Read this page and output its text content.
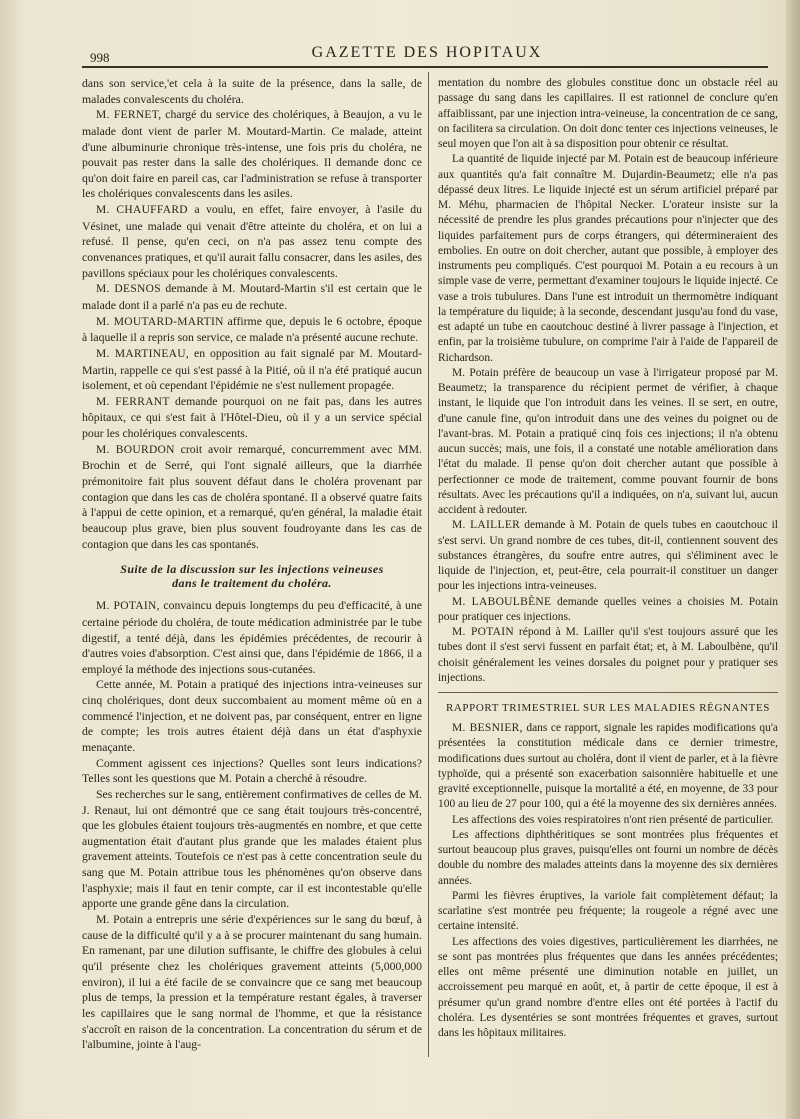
998	GAZETTE DES HOPITAUX

dans son service,'et cela à la suite de la présence, dans la salle, de malades convalescents du choléra.

M. FERNET, chargé du service des cholériques, à Beaujon, a vu le malade dont vient de parler M. Moutard-Martin. Ce malade, atteint d'une albuminurie chronique très-intense, une fois pris du choléra, ne pouvait pas rester dans la salle des cholériques. Il demande donc ce qu'on doit faire en pareil cas, car l'administration se refuse à transporter les cholériques convalescents dans les asiles.

M. CHAUFFARD a voulu, en effet, faire envoyer, à l'asile du Vésinet, une malade qui venait d'être atteinte du choléra, et on lui a refusé. Il pense, qu'en ceci, on n'a pas assez tenu compte des convenances pratiques, et qu'il aurait fallu consacrer, dans les asiles, des pavillons spéciaux pour les cholériques convalescents.

M. DESNOS demande à M. Moutard-Martin s'il est certain que le malade dont il a parlé n'a pas eu de rechute.

M. MOUTARD-MARTIN affirme que, depuis le 6 octobre, époque à laquelle il a repris son service, ce malade n'a présenté aucune rechute.

M. MARTINEAU, en opposition au fait signalé par M. Moutard-Martin, rappelle ce qui s'est passé à la Pitié, où il n'a été pratiqué aucun isolement, et où cependant l'épidémie ne s'est nullement propagée.

M. FERRANT demande pourquoi on ne fait pas, dans les autres hôpitaux, ce qui s'est fait à l'Hôtel-Dieu, où il y a un service spécial pour les cholériques convalescents.

M. BOURDON croit avoir remarqué, concurremment avec MM. Brochin et de Serré, qui l'ont signalé ailleurs, que la diarrhée prémonitoire fait plus souvent défaut dans le choléra provenant par contagion que dans les cas de choléra spontané. Il a observé quatre faits à l'appui de cette opinion, et a remarqué, qu'en général, la maladie était beaucoup plus grave, bien plus souvent foudroyante dans les cas de contagion que dans les cas spontanés.

Suite de la discussion sur les injections veineuses
dans le traitement du choléra.

M. POTAIN, convaincu depuis longtemps du peu d'efficacité, à une certaine période du choléra, de toute médication administrée par le tube digestif, a tenté déjà, dans les épidémies précédentes, de recourir à d'autres voies d'absorption. C'est ainsi que, dans l'épidémie de 1866, il a employé la méthode des injections sous-cutanées.

Cette année, M. Potain a pratiqué des injections intra-veineuses sur cinq cholériques, dont deux succombaient au moment même où en a commencé l'injection, et ne doivent pas, par conséquent, entrer en ligne de compte; les trois autres étaient déjà dans un état d'asphyxie menaçante.

Comment agissent ces injections? Quelles sont leurs indications? Telles sont les questions que M. Potain a cherché à résoudre.

Ses recherches sur le sang, entièrement confirmatives de celles de M. J. Renaut, lui ont démontré que ce sang était toujours très-concentré, que les globules étaient toujours très-augmentés en nombre, et que cette augmentation était d'autant plus grande que les malades étaient plus gravement atteints. Toutefois ce n'est pas à cette concentration seule du sang que M. Potain attribue tous les phénomènes qu'on observe dans l'asphyxie; mais il faut en tenir compte, car il est incontestable qu'elle apporte une grande gêne dans la circulation.

M. Potain a entrepris une série d'expériences sur le sang du bœuf, à cause de la difficulté qu'il y a à se procurer maintenant du sang humain. En ramenant, par une dilution suffisante, le chiffre des globules à celui qu'il présente chez les cholériques gravement atteints (5,000,000 environ), il lui a été facile de se convaincre que ce sang met beaucoup plus de temps, la pression et la température restant égales, à traverser les capillaires que le sang normal de l'homme, et que la résistance s'accroît en raison de la concentration. La concentration du sérum et de l'albumine, jointe à l'aug-

mentation du nombre des globules constitue donc un obstacle réel au passage du sang dans les capillaires. Il est rationnel de conclure qu'en affaiblissant, par une injection intra-veineuse, la concentration de ce sang, on facilitera sa circulation. On doit donc tenter ces injections veineuses, le seul moyen que l'on ait à sa disposition pour obtenir ce résultat.

La quantité de liquide injecté par M. Potain est de beaucoup inférieure aux quantités qu'a fait connaître M. Dujardin-Beaumetz; elle n'a pas dépassé deux litres. Le liquide injecté est un sérum artificiel préparé par M. Méhu, pharmacien de l'hôpital Necker. L'orateur insiste sur la nécessité de prendre les plus grandes précautions pour n'injecter que des liquides parfaitement purs de corps étrangers, qui détermineraient des embolies. En outre on doit chercher, autant que possible, à employer des instruments peu compliqués. C'est pourquoi M. Potain a eu recours à un simple vase de verre, permettant d'examiner toujours le liquide injecté. Ce vase a trois tubulures. Dans l'une est introduit un thermomètre indiquant la température du liquide; à la seconde, descendant jusqu'au fond du vase, est adapté un tube en caoutchouc destiné à livrer passage à l'injection, et enfin, par la troisième tubulure, on comprime l'air à l'aide de l'appareil de Richardson.

M. Potain préfère de beaucoup un vase à l'irrigateur proposé par M. Beaumetz; la transparence du récipient permet de vérifier, à chaque instant, le liquide que l'on introduit dans les veines. Il se sert, en outre, d'une canule fine, qu'on introduit dans une des veines du poignet ou de l'avant-bras. M. Potain a pratiqué cinq fois ces injections; il n'a obtenu aucun succès; mais, une fois, il a constaté une notable amélioration dans l'état du malade. Il pense qu'on doit chercher autant que possible à perfectionner ce mode de traitement, comme pouvant fournir de bons résultats. Avec les précautions qu'il a indiquées, on n'a, suivant lui, aucun accident à redouter.

M. LAILLER demande à M. Potain de quels tubes en caoutchouc il s'est servi. Un grand nombre de ces tubes, dit-il, contiennent souvent des substances étrangères, du soufre entre autres, qui s'éliminent avec le liquide de l'injection, et, peut-être, cela pourrait-il constituer un danger pour les injections intra-veineuses.

M. LABOULBÈNE demande quelles veines a choisies M. Potain pour pratiquer ces injections.

M. POTAIN répond à M. Lailler qu'il s'est toujours assuré que les tubes dont il s'est servi fussent en parfait état; et, à M. Laboulbène, qu'il choisit généralement les veines dorsales du poignet pour y pratiquer ses injections.

RAPPORT TRIMESTRIEL SUR LES MALADIES RÉGNANTES

M. BESNIER, dans ce rapport, signale les rapides modifications qu'a présentées la constitution médicale dans ce dernier trimestre, modifications dues surtout au choléra, dont il vient de parler, et à la fièvre typhoïde, qui a présenté son exacerbation saisonnière habituelle et une gravité exceptionnelle, puisque la mortalité a été, en moyenne, de 33 pour 100 au lieu de 27 pour 100, qui a été la moyenne des six dernières années.

Les affections des voies respiratoires n'ont rien présenté de particulier.

Les affections diphthéritiques se sont montrées plus fréquentes et surtout beaucoup plus graves, puisqu'elles ont fourni un nombre de décès double du nombre des malades atteints dans la moyenne des six dernières années.

Parmi les fièvres éruptives, la variole fait complètement défaut; la scarlatine s'est montrée peu fréquente; la rougeole a régné avec une certaine intensité.

Les affections des voies digestives, particulièrement les diarrhées, ne se sont pas montrées plus fréquentes que dans les années précédentes; elles ont même présenté une diminution notable en juillet, un accroissement peu marqué en août, et, à partir de cette époque, il est à présumer qu'un grand nombre d'entre elles ont été portées à l'actif du choléra. Les dysentéries se sont montrées fréquentes et graves, surtout dans les hôpitaux militaires.
